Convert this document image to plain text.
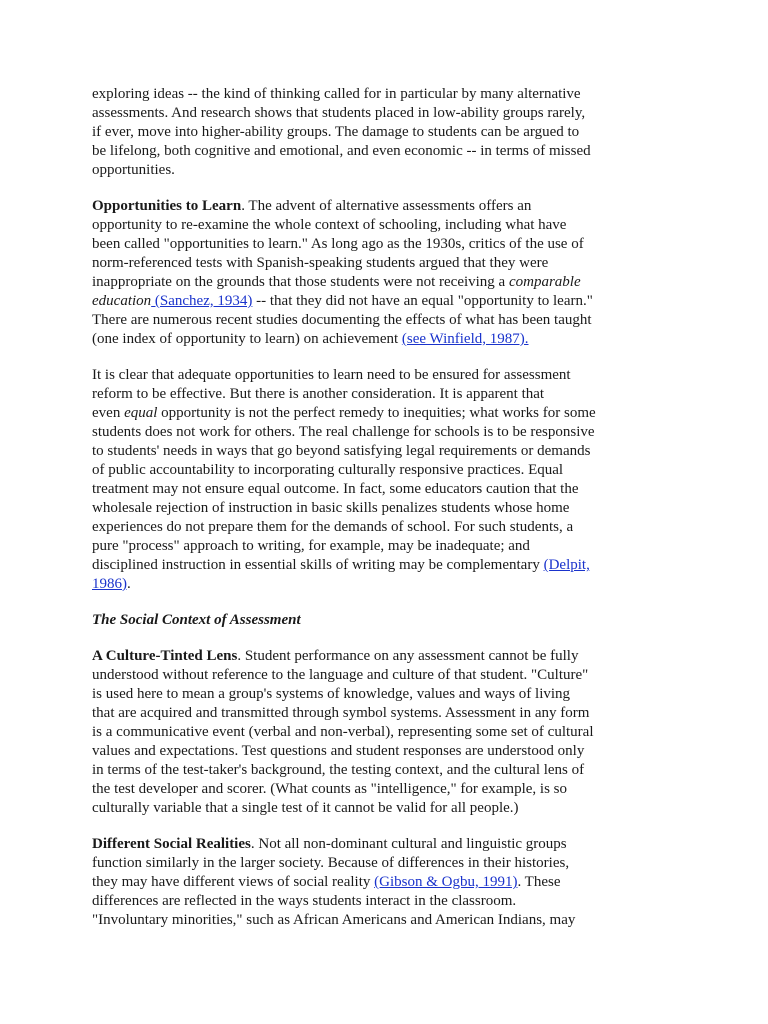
exploring ideas -- the kind of thinking called for in particular by many alternative
assessments. And research shows that students placed in low-ability groups rarely,
if ever, move into higher-ability groups. The damage to students can be argued to
be lifelong, both cognitive and emotional, and even economic -- in terms of missed
opportunities.

Opportunities to Learn. The advent of alternative assessments offers an
opportunity to re-examine the whole context of schooling, including what have
been called "opportunities to learn." As long ago as the 1930s, critics of the use of
norm-referenced tests with Spanish-speaking students argued that they were
inappropriate on the grounds that those students were not receiving a comparable
education (Sanchez, 1934) -- that they did not have an equal "opportunity to learn."
There are numerous recent studies documenting the effects of what has been taught
(one index of opportunity to learn) on achievement (see Winfield, 1987).

It is clear that adequate opportunities to learn need to be ensured for assessment
reform to be effective. But there is another consideration. It is apparent that
even equal opportunity is not the perfect remedy to inequities; what works for some
students does not work for others. The real challenge for schools is to be responsive
to students' needs in ways that go beyond satisfying legal requirements or demands
of public accountability to incorporating culturally responsive practices. Equal
treatment may not ensure equal outcome. In fact, some educators caution that the
wholesale rejection of instruction in basic skills penalizes students whose home
experiences do not prepare them for the demands of school. For such students, a
pure "process" approach to writing, for example, may be inadequate; and
disciplined instruction in essential skills of writing may be complementary (Delpit,
1986).

The Social Context of Assessment

A Culture-Tinted Lens. Student performance on any assessment cannot be fully
understood without reference to the language and culture of that student. "Culture"
is used here to mean a group's systems of knowledge, values and ways of living
that are acquired and transmitted through symbol systems. Assessment in any form
is a communicative event (verbal and non-verbal), representing some set of cultural
values and expectations. Test questions and student responses are understood only
in terms of the test-taker's background, the testing context, and the cultural lens of
the test developer and scorer. (What counts as "intelligence," for example, is so
culturally variable that a single test of it cannot be valid for all people.)

Different Social Realities. Not all non-dominant cultural and linguistic groups
function similarly in the larger society. Because of differences in their histories,
they may have different views of social reality (Gibson & Ogbu, 1991). These
differences are reflected in the ways students interact in the classroom.
"Involuntary minorities," such as African Americans and American Indians, may
